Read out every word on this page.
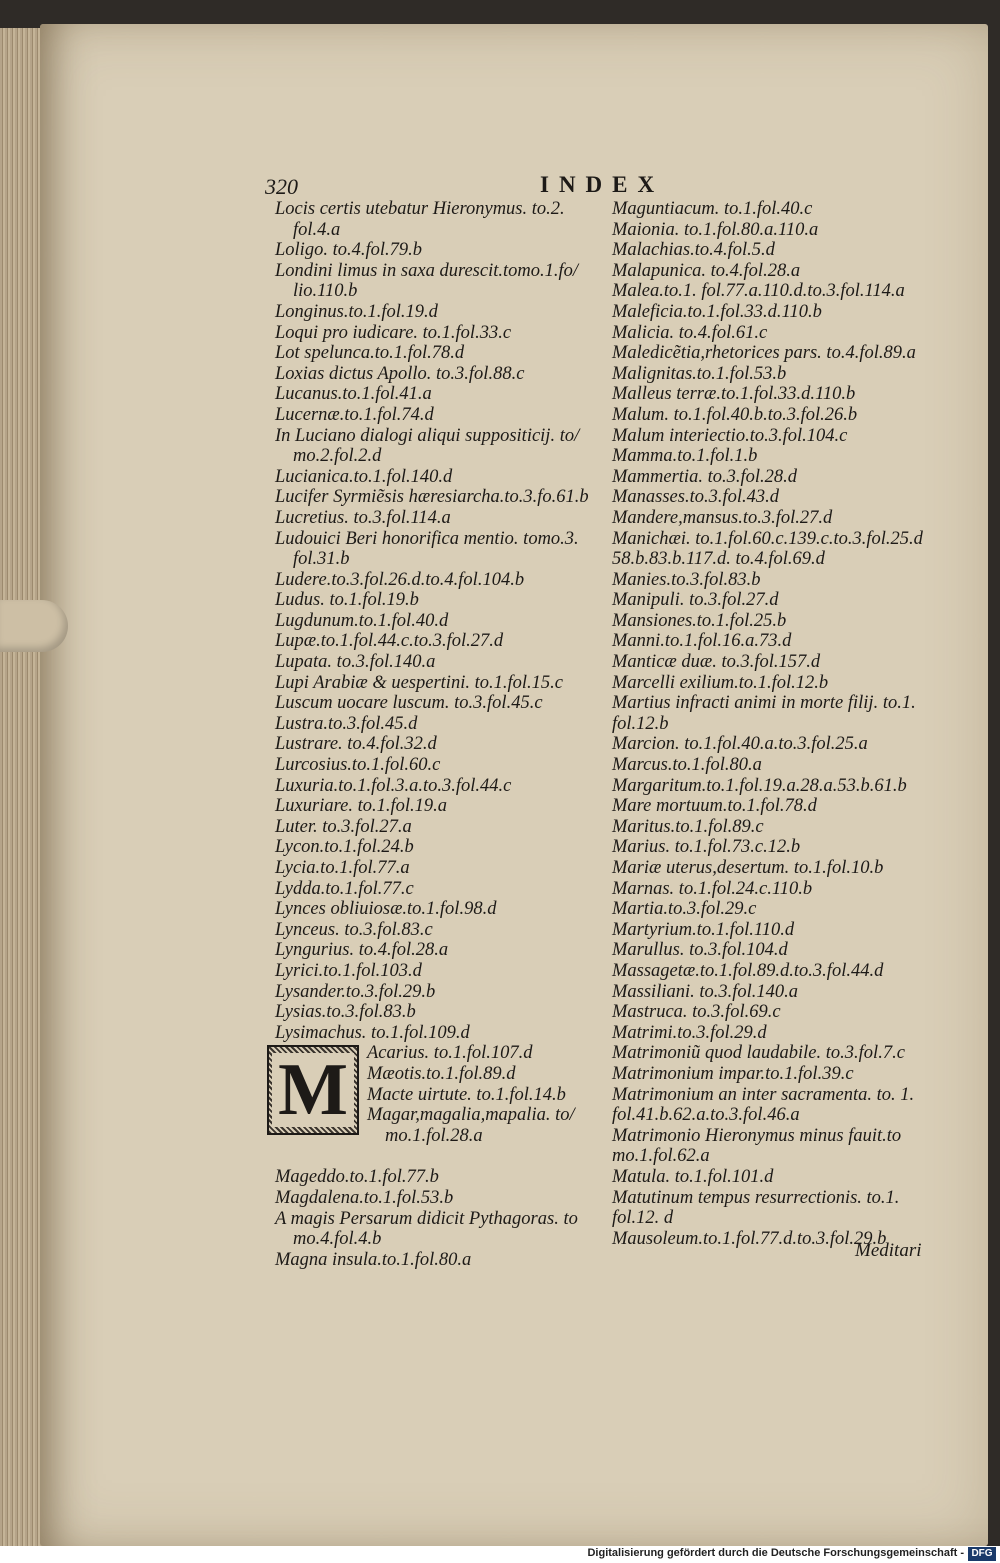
320	INDEX
Locis certis utebatur Hieronymus. to.2. fol.4.a
Loligo. to.4.fol.79.b
Londini limus in saxa durescit.tomo.1.fo/ lio.110.b
Longinus.to.1.fol.19.d
Loqui pro iudicare. to.1.fol.33.c
Lot spelunca.to.1.fol.78.d
Loxias dictus Apollo. to.3.fol.88.c
Lucanus.to.1.fol.41.a
Lucernæ.to.1.fol.74.d
In Luciano dialogi aliqui suppositicij. to/ mo.2.fol.2.d
Lucianica.to.1.fol.140.d
Lucifer Syrmiẽsis hæresiarcha.to.3.fo.61.b
Lucretius. to.3.fol.114.a
Ludouici Beri honorifica mentio. tomo.3. fol.31.b
Ludere.to.3.fol.26.d.to.4.fol.104.b
Ludus. to.1.fol.19.b
Lugdunum.to.1.fol.40.d
Lupæ.to.1.fol.44.c.to.3.fol.27.d
Lupata. to.3.fol.140.a
Lupi Arabiæ & uespertini. to.1.fol.15.c
Luscum uocare luscum. to.3.fol.45.c
Lustra.to.3.fol.45.d
Lustrare. to.4.fol.32.d
Lurcosius.to.1.fol.60.c
Luxuria.to.1.fol.3.a.to.3.fol.44.c
Luxuriare. to.1.fol.19.a
Luter. to.3.fol.27.a
Lycon.to.1.fol.24.b
Lycia.to.1.fol.77.a
Lydda.to.1.fol.77.c
Lynces obliuiosæ.to.1.fol.98.d
Lynceus. to.3.fol.83.c
Lyngurius. to.4.fol.28.a
Lyrici.to.1.fol.103.d
Lysander.to.3.fol.29.b
Lysias.to.3.fol.83.b
Lysimachus. to.1.fol.109.d
M	Acarius. to.1.fol.107.d
Mæotis.to.1.fol.89.d
Macte uirtute. to.1.fol.14.b
Magar,magalia,mapalia. to/ mo.1.fol.28.a
Mageddo.to.1.fol.77.b
Magdalena.to.1.fol.53.b
A magis Persarum didicit Pythagoras. to mo.4.fol.4.b
Magna insula.to.1.fol.80.a
Maguntiacum. to.1.fol.40.c
Maionia. to.1.fol.80.a.110.a
Malachias.to.4.fol.5.d
Malapunica. to.4.fol.28.a
Malea.to.1. fol.77.a.110.d.to.3.fol.114.a
Maleficia.to.1.fol.33.d.110.b
Malicia. to.4.fol.61.c
Maledicẽtia,rhetorices pars. to.4.fol.89.a
Malignitas.to.1.fol.53.b
Malleus terræ.to.1.fol.33.d.110.b
Malum. to.1.fol.40.b.to.3.fol.26.b
Malum interiectio.to.3.fol.104.c
Mamma.to.1.fol.1.b
Mammertia. to.3.fol.28.d
Manasses.to.3.fol.43.d
Mandere,mansus.to.3.fol.27.d
Manichæi. to.1.fol.60.c.139.c.to.3.fol.25.d
58.b.83.b.117.d. to.4.fol.69.d
Manies.to.3.fol.83.b
Manipuli. to.3.fol.27.d
Mansiones.to.1.fol.25.b
Manni.to.1.fol.16.a.73.d
Manticæ duæ. to.3.fol.157.d
Marcelli exilium.to.1.fol.12.b
Martius infracti animi in morte filij. to.1.
fol.12.b
Marcion. to.1.fol.40.a.to.3.fol.25.a
Marcus.to.1.fol.80.a
Margaritum.to.1.fol.19.a.28.a.53.b.61.b
Mare mortuum.to.1.fol.78.d
Maritus.to.1.fol.89.c
Marius. to.1.fol.73.c.12.b
Mariæ uterus,desertum. to.1.fol.10.b
Marnas. to.1.fol.24.c.110.b
Martia.to.3.fol.29.c
Martyrium.to.1.fol.110.d
Marullus. to.3.fol.104.d
Massagetæ.to.1.fol.89.d.to.3.fol.44.d
Massiliani. to.3.fol.140.a
Mastruca. to.3.fol.69.c
Matrimi.to.3.fol.29.d
Matrimoniũ quod laudabile. to.3.fol.7.c
Matrimonium impar.to.1.fol.39.c
Matrimonium an inter sacramenta. to. 1.
fol.41.b.62.a.to.3.fol.46.a
Matrimonio Hieronymus minus fauit.to
mo.1.fol.62.a
Matula. to.1.fol.101.d
Matutinum tempus resurrectionis. to.1.
fol.12. d
Mausoleum.to.1.fol.77.d.to.3.fol.29.b
Meditari
Digitalisierung gefördert durch die Deutsche Forschungsgemeinschaft - DFG
